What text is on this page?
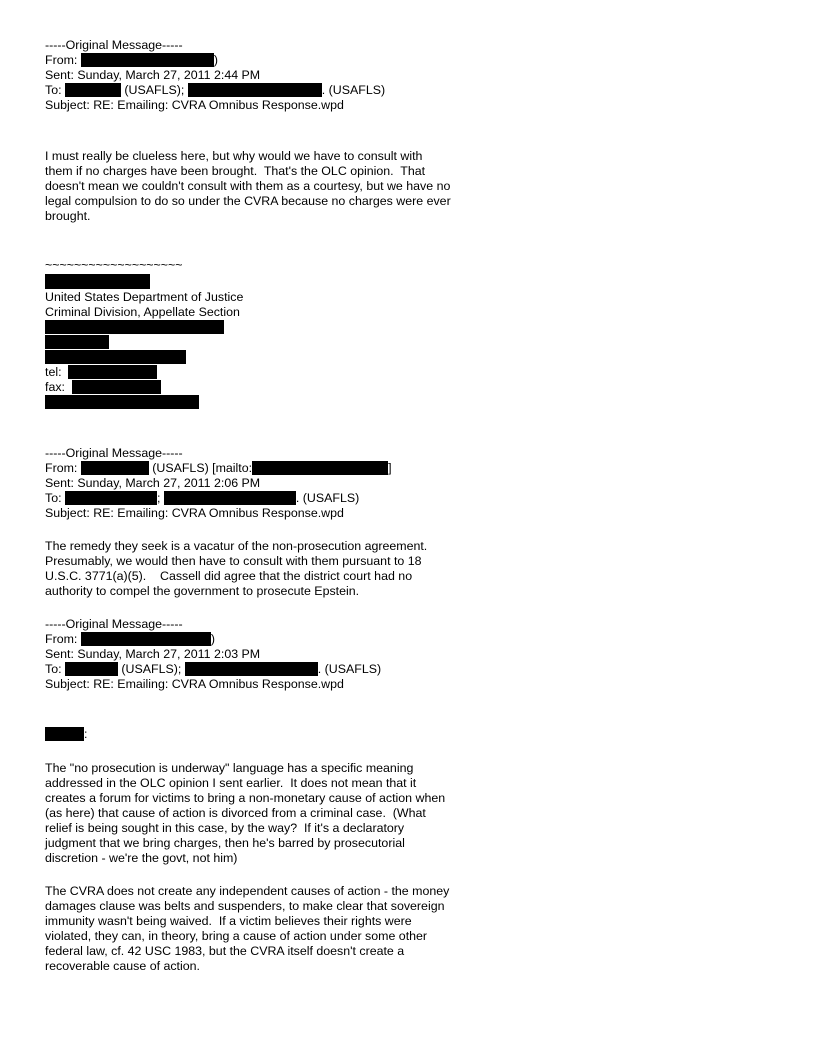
-----Original Message-----
From:	)
Sent: Sunday, March 27, 2011 2:44 PM
To:	(USAFLS);	. (USAFLS)
Subject: RE: Emailing: CVRA Omnibus Response.wpd
I must really be clueless here, but why would we have to consult with
them if no charges have been brought.  That's the OLC opinion.  That
doesn't mean we couldn't consult with them as a courtesy, but we have no
legal compulsion to do so under the CVRA because no charges were ever
brought.
~~~~~~~~~~~~~~~~~~~
United States Department of Justice
Criminal Division, Appellate Section
tel:
fax:
-----Original Message-----
From:	(USAFLS) [mailto:	]
Sent: Sunday, March 27, 2011 2:06 PM
To:	;	. (USAFLS)
Subject: RE: Emailing: CVRA Omnibus Response.wpd
The remedy they seek is a vacatur of the non-prosecution agreement.
Presumably, we would then have to consult with them pursuant to 18
U.S.C. 3771(a)(5).    Cassell did agree that the district court had no
authority to compel the government to prosecute Epstein.
-----Original Message-----
From:	)
Sent: Sunday, March 27, 2011 2:03 PM
To:	(USAFLS);	. (USAFLS)
Subject: RE: Emailing: CVRA Omnibus Response.wpd
:
The "no prosecution is underway" language has a specific meaning
addressed in the OLC opinion I sent earlier.  It does not mean that it
creates a forum for victims to bring a non-monetary cause of action when
(as here) that cause of action is divorced from a criminal case.  (What
relief is being sought in this case, by the way?  If it's a declaratory
judgment that we bring charges, then he's barred by prosecutorial
discretion - we're the govt, not him)
The CVRA does not create any independent causes of action - the money
damages clause was belts and suspenders, to make clear that sovereign
immunity wasn't being waived.  If a victim believes their rights were
violated, they can, in theory, bring a cause of action under some other
federal law, cf. 42 USC 1983, but the CVRA itself doesn't create a
recoverable cause of action.
